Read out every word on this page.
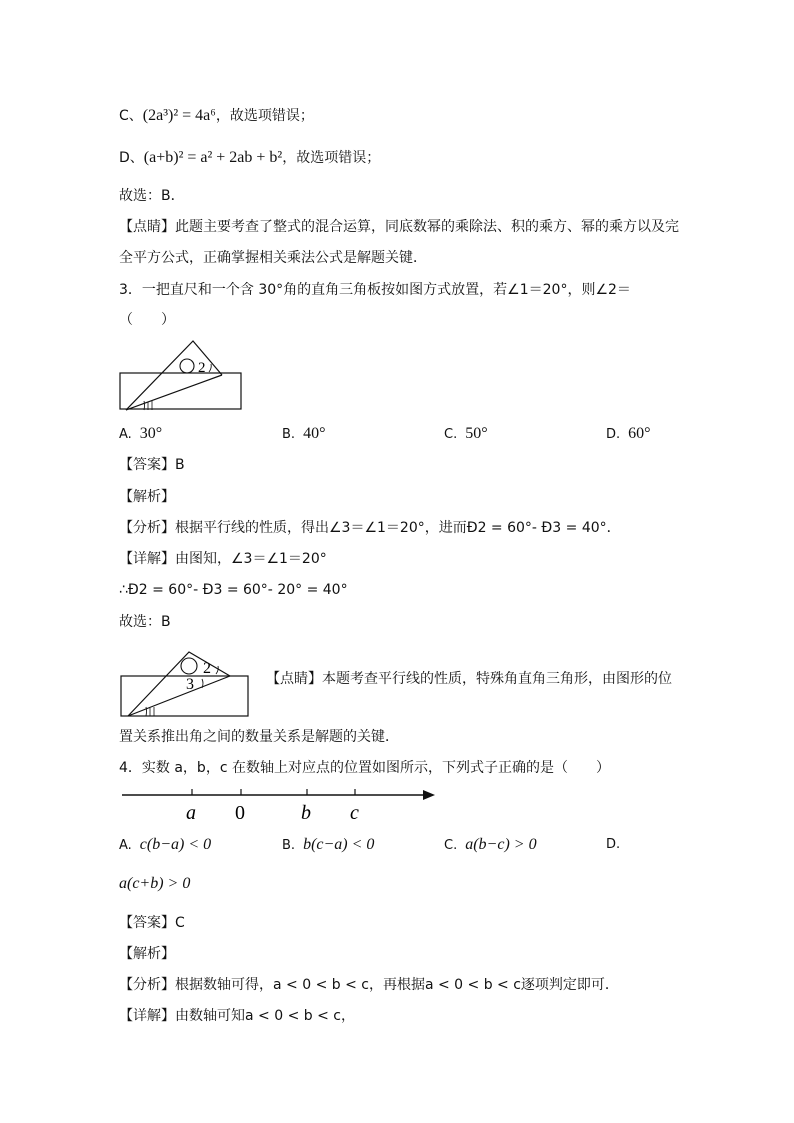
C、(2a³)² = 4a⁶，故选项错误；
D、(a+b)² = a² + 2ab + b²，故选项错误；
故选：B．
【点睛】此题主要考查了整式的混合运算，同底数幂的乘除法、积的乘方、幂的乘方以及完
全平方公式，正确掌握相关乘法公式是解题关键．
3．一把直尺和一个含 30°角的直角三角板按如图方式放置，若∠1＝20°，则∠2＝
（　　）
2
A. 30°	B. 40°	C. 50°	D. 60°
【答案】B
【解析】
【分析】根据平行线的性质，得出∠3＝∠1＝20°，进而Ð2 = 60°- Ð3 = 40°．
【详解】由图知，∠3＝∠1＝20°
∴Ð2 = 60°- Ð3 = 60°- 20° = 40°
故选：B
2
3	【点睛】本题考查平行线的性质，特殊角直角三角形，由图形的位
置关系推出角之间的数量关系是解题的关键．
4．实数 a，b，c 在数轴上对应点的位置如图所示，下列式子正确的是（　　）
a 0	b c
A. c(b−a) < 0	B. b(c−a) < 0	C. a(b−c) > 0	D.
a(c+b) > 0
【答案】C
【解析】
【分析】根据数轴可得，a < 0 < b < c，再根据a < 0 < b < c逐项判定即可．
【详解】由数轴可知a < 0 < b < c，
